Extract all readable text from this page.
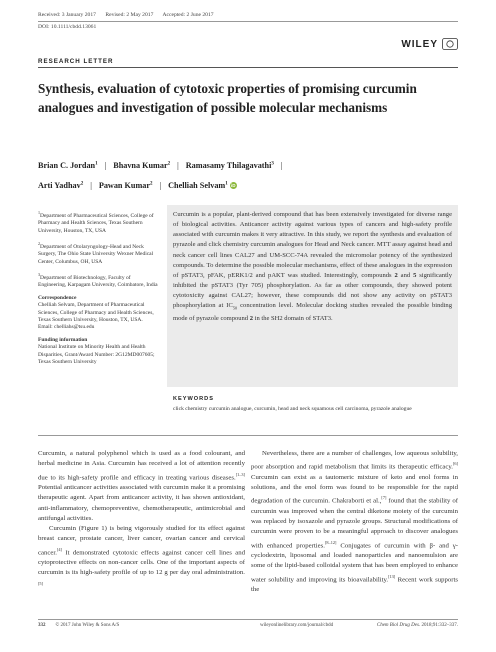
Received: 3 January 2017 Revised: 2 May 2017 Accepted: 2 June 2017
DOI: 10.1111/cbdd.13061
WILEY
RESEARCH LETTER
Synthesis, evaluation of cytotoxic properties of promising curcumin analogues and investigation of possible molecular mechanisms
Brian C. Jordan$^1$ | Bhavna Kumar$^2$ | Ramasamy Thilagavathi$^3$ |
Arti Yadhav$^2$ | Pawan Kumar$^2$ | Chelliah Selvam$^1$ iD

$^1$Department of Pharmaceutical Sciences, College of Pharmacy and Health Sciences, Texas Southern University, Houston, TX, USA

$^2$Department of Otolaryngology-Head and Neck Surgery, The Ohio State University Wexner Medical Center, Columbus, OH, USA

$^3$Department of Biotechnology, Faculty of Engineering, Karpagam University, Coimbatore, India

Correspondence

Chelliah Selvam, Department of Pharmaceutical Sciences, College of Pharmacy and Health Sciences, Texas Southern University, Houston, TX, USA. Email: chelliahs@tsu.edu

Funding information

National Institute on Minority Health and Health Disparities, Grant/Award Number: 2G12MD007605; Texas Southern University

Curcumin is a popular, plant-derived compound that has been extensively investigated for diverse range of biological activities. Anticancer activity against various types of cancers and high-safety profile associated with curcumin makes it very attractive. In this study, we report the synthesis and evaluation of pyrazole and click chemistry curcumin analogues for Head and Neck cancer. MTT assay against head and neck cancer cell lines CAL27 and UM-SCC-74A revealed the micromolar potency of the synthesized compounds. To determine the possible molecular mechanisms, effect of these analogues in the expression of pSTAT3, pFAK, pERK1/2 and pAKT was studied. Interestingly, compounds 2 and 5 significantly inhibited the pSTAT3 (Tyr 705) phosphorylation. As far as other compounds, they showed potent cytotoxicity against CAL27; however, these compounds did not show any activity on pSTAT3 phosphorylation at $IC_{50}$ concentration level. Molecular docking studies revealed the possible binding mode of pyrazole compound 2 in the SH2 domain of STAT3.
KEYWORDS
click chemistry curcumin analogue, curcumin, head and neck squamous cell carcinoma, pyrazole analogue

Curcumin, a natural polyphenol which is used as a food colourant, and herbal medicine in Asia. Curcumin has received a lot of attention recently due to its high-safety profile and efficacy in treating various diseases.[1–3] Potential anticancer activities associated with curcumin make it a promising therapeutic agent. Apart from anticancer activity, it has shown antioxidant, anti-inflammatory, chemopreventive, chemotherapeutic, antimicrobial and antifungal activities.

Curcumin (Figure 1) is being vigorously studied for its effect against breast cancer, prostate cancer, liver cancer, ovarian cancer and cervical cancer.[4] It demonstrated cytotoxic effects against cancer cell lines and cytoprotective effects on non-cancer cells. One of the important aspects of curcumin is its high-safety profile of up to 12 g per day oral administration.[5]

Nevertheless, there are a number of challenges, low aqueous solubility, poor absorption and rapid metabolism that limits its therapeutic efficacy.[6] Curcumin can exist as a tautomeric mixture of keto and enol forms in solutions, and the enol form was found to be responsible for the rapid degradation of the curcumin. Chakraborti et al.,[7] found that the stability of curcumin was improved when the central diketone moiety of the curcumin was replaced by isoxazole and pyrazole groups. Structural modifications of curcumin were proven to be a meaningful approach to discover analogues with enhanced properties.[8–12] Conjugates of curcumin with β- and γ-cyclodextrin, liposomal and loaded nanoparticles and nanoemulsion are some of the lipid-based colloidal system that has been employed to enhance water solubility and improving its bioavailability.[13] Recent work supports the

332 © 2017 John Wiley & Sons A/S	wileyonlinelibrary.com/journal/cbdd	Chem Biol Drug Des. 2018;91:332–337.
